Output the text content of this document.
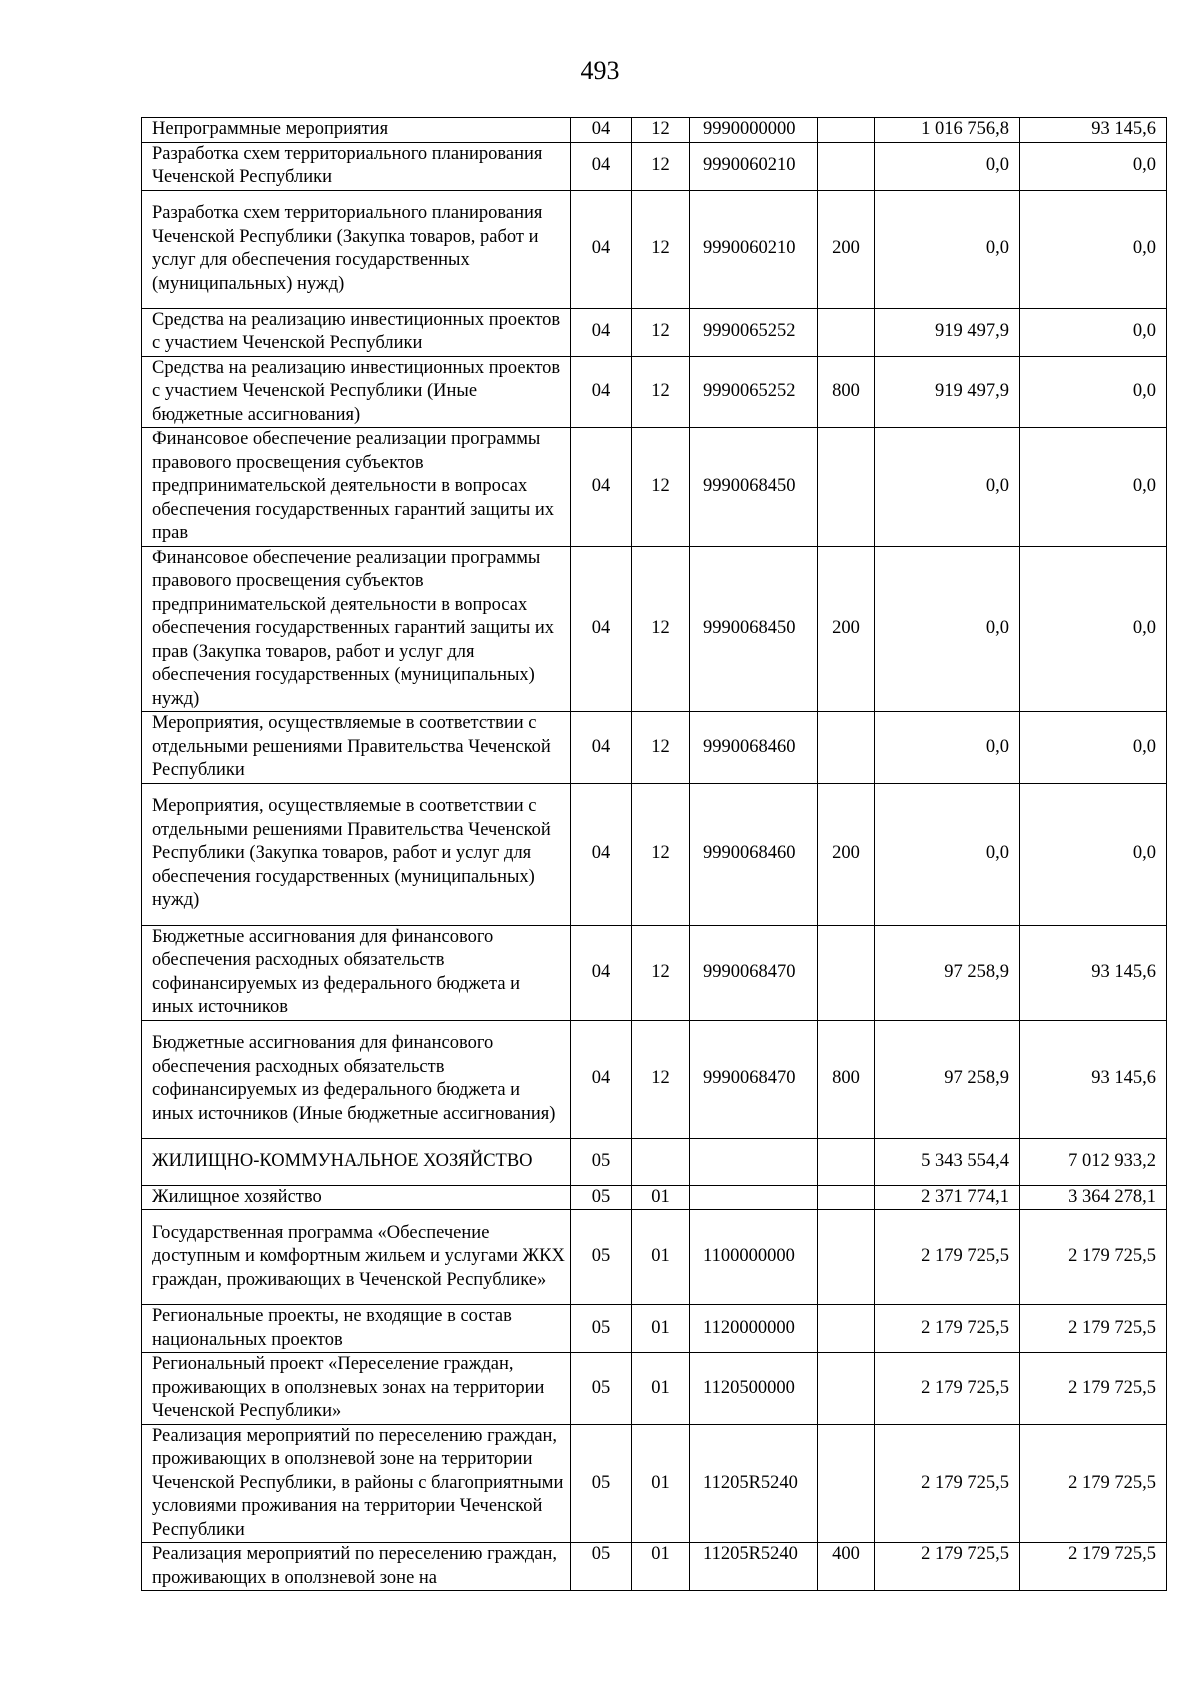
493
Непрограммные мероприятия	04	12	9990000000		1 016 756,8	93 145,6
Разработка схем территориального планирования Чеченской Республики	04	12	9990060210		0,0	0,0
Разработка схем территориального планирования Чеченской Республики (Закупка товаров, работ и услуг для обеспечения государственных (муниципальных) нужд)	04	12	9990060210	200	0,0	0,0
Средства на реализацию инвестиционных проектов с участием Чеченской Республики	04	12	9990065252		919 497,9	0,0
Средства на реализацию инвестиционных проектов с участием Чеченской Республики (Иные бюджетные ассигнования)	04	12	9990065252	800	919 497,9	0,0
Финансовое обеспечение реализации программы правового просвещения субъектов предпринимательской деятельности в вопросах обеспечения государственных гарантий защиты их прав	04	12	9990068450		0,0	0,0
Финансовое обеспечение реализации программы правового просвещения субъектов предпринимательской деятельности в вопросах обеспечения государственных гарантий защиты их прав (Закупка товаров, работ и услуг для обеспечения государственных (муниципальных) нужд)	04	12	9990068450	200	0,0	0,0
Мероприятия, осуществляемые в соответствии с отдельными решениями Правительства Чеченской Республики	04	12	9990068460		0,0	0,0
Мероприятия, осуществляемые в соответствии с отдельными решениями Правительства Чеченской Республики (Закупка товаров, работ и услуг для обеспечения государственных (муниципальных) нужд)	04	12	9990068460	200	0,0	0,0
Бюджетные ассигнования для финансового обеспечения расходных обязательств софинансируемых из федерального бюджета и иных источников	04	12	9990068470		97 258,9	93 145,6
Бюджетные ассигнования для финансового обеспечения расходных обязательств софинансируемых из федерального бюджета и иных источников (Иные бюджетные ассигнования)	04	12	9990068470	800	97 258,9	93 145,6
ЖИЛИЩНО-КОММУНАЛЬНОЕ ХОЗЯЙСТВО	05				5 343 554,4	7 012 933,2
Жилищное хозяйство	05	01			2 371 774,1	3 364 278,1
Государственная программа «Обеспечение доступным и комфортным жильем и услугами ЖКХ граждан, проживающих в Чеченской Республике»	05	01	1100000000		2 179 725,5	2 179 725,5
Региональные проекты, не входящие в состав национальных проектов	05	01	1120000000		2 179 725,5	2 179 725,5
Региональный проект «Переселение граждан, проживающих в оползневых зонах на территории Чеченской Республики»	05	01	1120500000		2 179 725,5	2 179 725,5
Реализация мероприятий по переселению граждан, проживающих в оползневой зоне на территории Чеченской Республики, в районы с благоприятными условиями проживания на территории Чеченской Республики	05	01	11205R5240		2 179 725,5	2 179 725,5
Реализация мероприятий по переселению граждан, проживающих в оползневой зоне на	05	01	11205R5240	400	2 179 725,5	2 179 725,5
